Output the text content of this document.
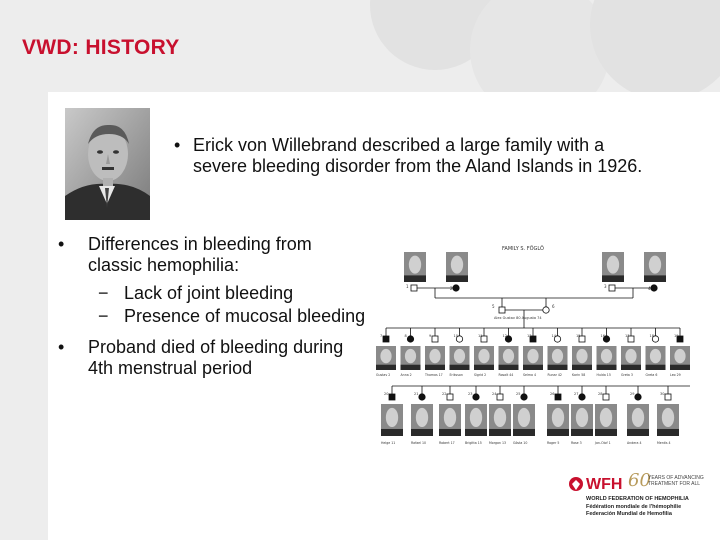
VWD: HISTORY
• Erick von Willebrand described a large family with a severe bleeding disorder from the Aland Islands in 1926.
• Differences in bleeding from classic hemophilia:
− Lack of joint bleeding
− Presence of mucosal bleeding
• Proband died of bleeding during 4th menstrual period
FAMILY S. FÖGLÖ
1	2	3	4
5	6
Alex Gustav 80 Augusta 74
7
Gustav 2
8
Anna 2
9
Thomas 17
10
Eriksson
11
Sigrid 2
12
Rosalt 44
13
Selma 4
14
Runar 42
15
Karin 58
16
Hulda 15
17
Greta 3
18
Greta 6
19
Leo 29
20
Helge 11
21
Rafael 10
22
Robert 17
23
Brigitta 15
24
Morgan 13
25
Gösta 10
26
Roger 5
27
Rose 3
28
Jan-Olof 1
29
Andera 4
30
Mentis 4
WFH 60
YEARS OF ADVANCING TREATMENT FOR ALL
WORLD FEDERATION OF HEMOPHILIA
Fédération mondiale de l'hémophilie
Federación Mundial de Hemofilia
